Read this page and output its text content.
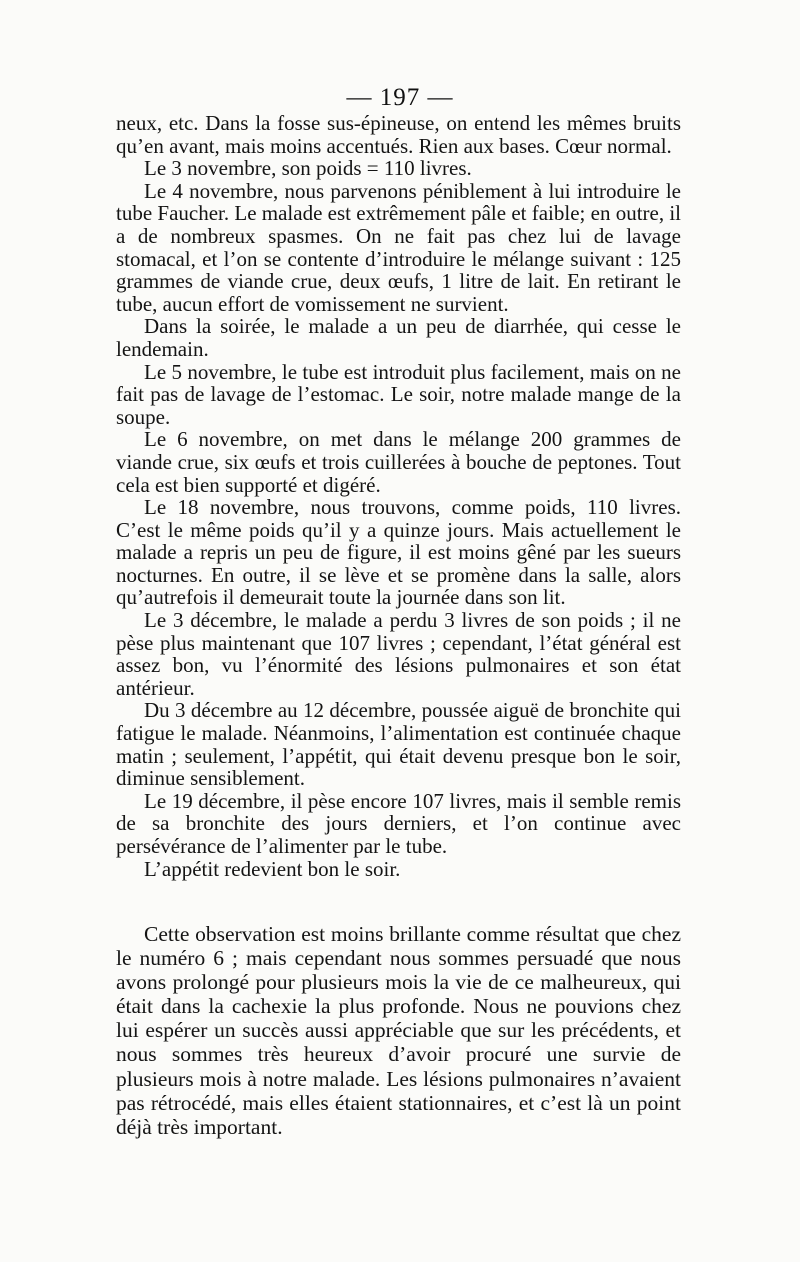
— 197 —

neux, etc. Dans la fosse sus-épineuse, on entend les mêmes bruits qu’en avant, mais moins accentués. Rien aux bases. Cœur normal.

Le 3 novembre, son poids = 110 livres.

Le 4 novembre, nous parvenons péniblement à lui introduire le tube Faucher. Le malade est extrêmement pâle et faible; en outre, il a de nombreux spasmes. On ne fait pas chez lui de lavage stomacal, et l’on se contente d’introduire le mélange suivant : 125 grammes de viande crue, deux œufs, 1 litre de lait. En retirant le tube, aucun effort de vomissement ne survient.

Dans la soirée, le malade a un peu de diarrhée, qui cesse le lendemain.

Le 5 novembre, le tube est introduit plus facilement, mais on ne fait pas de lavage de l’estomac. Le soir, notre malade mange de la soupe.

Le 6 novembre, on met dans le mélange 200 grammes de viande crue, six œufs et trois cuillerées à bouche de peptones. Tout cela est bien supporté et digéré.

Le 18 novembre, nous trouvons, comme poids, 110 livres. C’est le même poids qu’il y a quinze jours. Mais actuellement le malade a repris un peu de figure, il est moins gêné par les sueurs nocturnes. En outre, il se lève et se promène dans la salle, alors qu’autrefois il demeurait toute la journée dans son lit.

Le 3 décembre, le malade a perdu 3 livres de son poids ; il ne pèse plus maintenant que 107 livres ; cependant, l’état général est assez bon, vu l’énormité des lésions pulmonaires et son état antérieur.

Du 3 décembre au 12 décembre, poussée aiguë de bronchite qui fatigue le malade. Néanmoins, l’alimentation est continuée chaque matin ; seulement, l’appétit, qui était devenu presque bon le soir, diminue sensiblement.

Le 19 décembre, il pèse encore 107 livres, mais il semble remis de sa bronchite des jours derniers, et l’on continue avec persévérance de l’alimenter par le tube.

L’appétit redevient bon le soir.

Cette observation est moins brillante comme résultat que chez le numéro 6 ; mais cependant nous sommes persuadé que nous avons prolongé pour plusieurs mois la vie de ce malheureux, qui était dans la cachexie la plus profonde. Nous ne pouvions chez lui espérer un succès aussi appréciable que sur les précédents, et nous sommes très heureux d’avoir procuré une survie de plusieurs mois à notre malade. Les lésions pulmonaires n’avaient pas rétrocédé, mais elles étaient stationnaires, et c’est là un point déjà très important.
